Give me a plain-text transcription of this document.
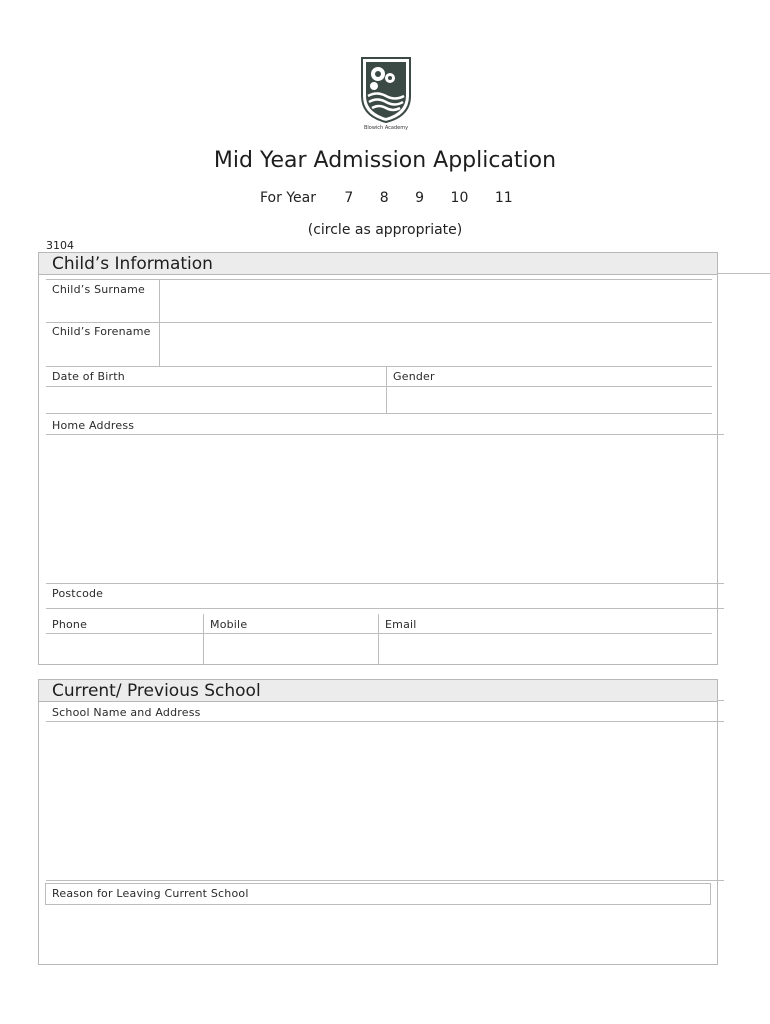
Blowich Academy
Mid Year Admission Application
For Year 7 8 9 10 11
(circle as appropriate)
3104
Child’s Information
Child’s Surname
Child’s Forename
Date of Birth	Gender
Home Address
Postcode
Phone	Mobile	Email
Current/ Previous School
School Name and Address
Reason for Leaving Current School
